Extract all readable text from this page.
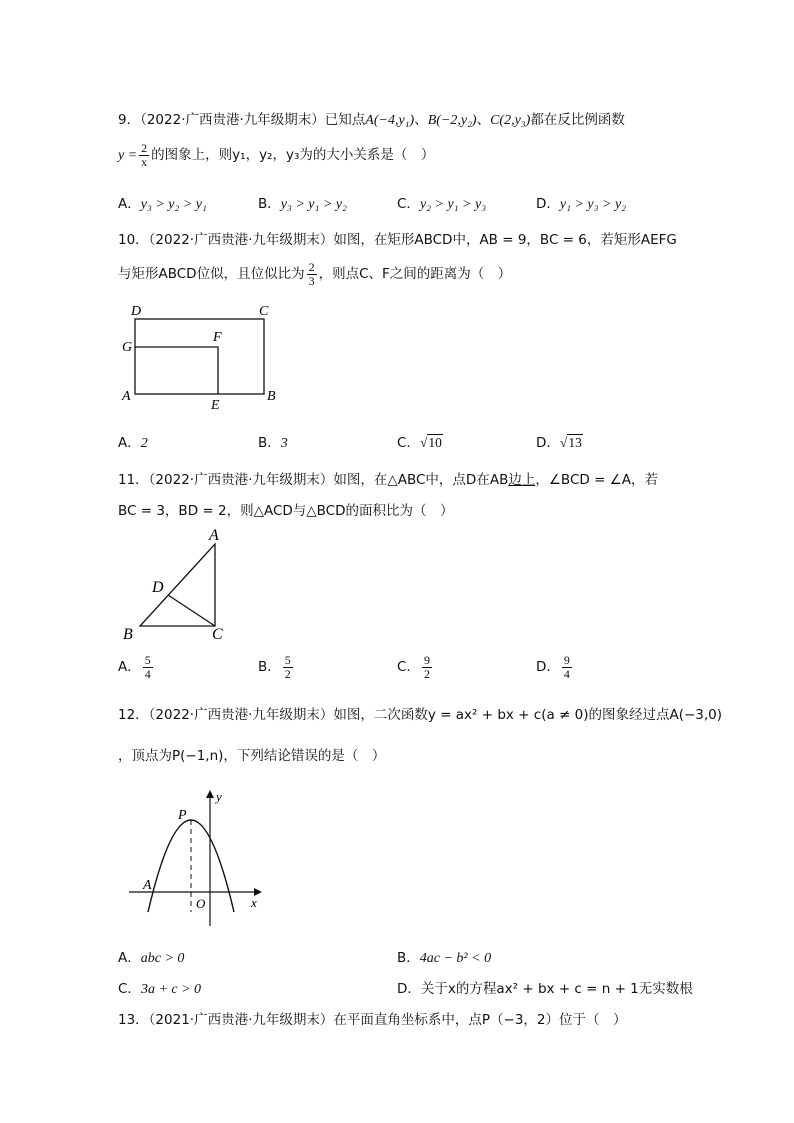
9．（2022·广西贵港·九年级期末）已知点A(−4,y₁)、B(−2,y₂)、C(2,y₃)都在反比例函数
$y = \frac{2}{x}$ 的图象上，则y₁，y₂，y₃为的大小关系是（　）
A．y₃ > y₂ > y₁	B．y₃ > y₁ > y₂	C．y₂ > y₁ > y₃	D．y₁ > y₃ > y₂
10．（2022·广西贵港·九年级期末）如图，在矩形ABCD中，AB = 9，BC = 6，若矩形AEFG
与矩形ABCD位似，且位似比为 $\frac{2}{3}$ ，则点C、F之间的距离为（　）
D	C
G
F
A
E
B
A．2	B．3	C．√10	D．√13
11．（2022·广西贵港·九年级期末）如图，在△ABC中，点D在AB边上，∠BCD = ∠A，若
BC = 3，BD = 2，则△ACD与△BCD的面积比为（　）
A
D
B	C
A． $\frac{5}{4}$	B． $\frac{5}{2}$	C． $\frac{9}{2}$	D． $\frac{9}{4}$
12．（2022·广西贵港·九年级期末）如图，二次函数y = ax² + bx + c(a ≠ 0)的图象经过点A(−3,0)
，顶点为P(−1,n)，下列结论错误的是（　）
P
y
A
O	x
A．abc > 0	B．4ac − b² < 0
C．3a + c > 0	D．关于x的方程ax² + bx + c = n + 1无实数根
13．（2021·广西贵港·九年级期末）在平面直角坐标系中，点P（−3，2）位于（　）
